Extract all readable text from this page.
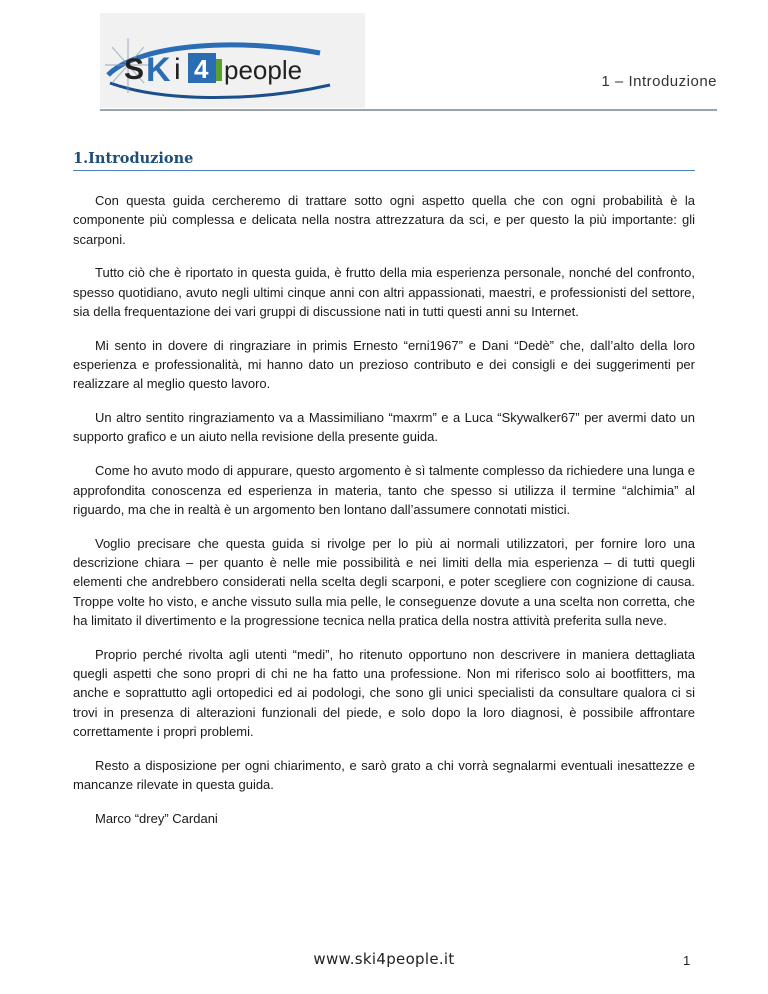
S K i 4 people	1 – Introduzione
1.Introduzione

Con questa guida cercheremo di trattare sotto ogni aspetto quella che con ogni probabilità è la componente più complessa e delicata nella nostra attrezzatura da sci, e per questo la più importante: gli scarponi.

Tutto ciò che è riportato in questa guida, è frutto della mia esperienza personale, nonché del confronto, spesso quotidiano, avuto negli ultimi cinque anni con altri appassionati, maestri, e professionisti del settore, sia della frequentazione dei vari gruppi di discussione nati in tutti questi anni su Internet.

Mi sento in dovere di ringraziare in primis Ernesto “erni1967” e Dani “Dedè” che, dall’alto della loro esperienza e professionalità, mi hanno dato un prezioso contributo e dei consigli e dei suggerimenti per realizzare al meglio questo lavoro.

Un altro sentito ringraziamento va a Massimiliano “maxrm” e a Luca “Skywalker67” per avermi dato un supporto grafico e un aiuto nella revisione della presente guida.

Come ho avuto modo di appurare, questo argomento è sì talmente complesso da richiedere una lunga e approfondita conoscenza ed esperienza in materia, tanto che spesso si utilizza il termine “alchimia” al riguardo, ma che in realtà è un argomento ben lontano dall’assumere connotati mistici.

Voglio precisare che questa guida si rivolge per lo più ai normali utilizzatori, per fornire loro una descrizione chiara – per quanto è nelle mie possibilità e nei limiti della mia esperienza – di tutti quegli elementi che andrebbero considerati nella scelta degli scarponi, e poter scegliere con cognizione di causa. Troppe volte ho visto, e anche vissuto sulla mia pelle, le conseguenze dovute a una scelta non corretta, che ha limitato il divertimento e la progressione tecnica nella pratica della nostra attività preferita sulla neve.

Proprio perché rivolta agli utenti “medi”, ho ritenuto opportuno non descrivere in maniera dettagliata quegli aspetti che sono propri di chi ne ha fatto una professione. Non mi riferisco solo ai bootfitters, ma anche e soprattutto agli ortopedici ed ai podologi, che sono gli unici specialisti da consultare qualora ci si trovi in presenza di alterazioni funzionali del piede, e solo dopo la loro diagnosi, è possibile affrontare correttamente i propri problemi.

Resto a disposizione per ogni chiarimento, e sarò grato a chi vorrà segnalarmi eventuali inesattezze e mancanze rilevate in questa guida.

Marco “drey” Cardani

www.ski4people.it	1
